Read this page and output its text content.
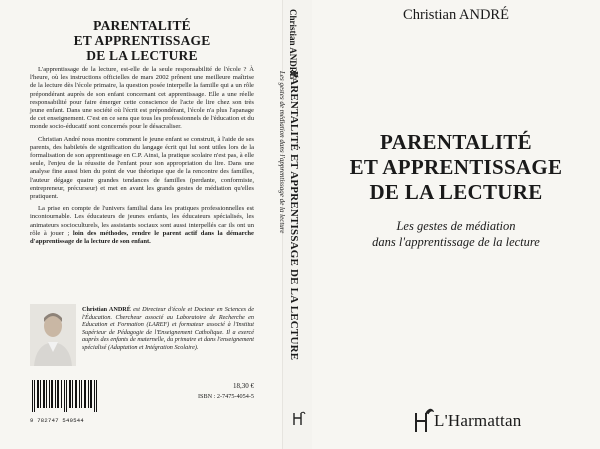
PARENTALITÉ
ET APPRENTISSAGE
DE LA LECTURE

L'apprentissage de la lecture, est-elle de la seule responsabilité de l'école ? À l'heure, où les instructions officielles de mars 2002 prônent une meilleure maîtrise de la lecture dès l'école primaire, la question posée interpelle la famille qui a un rôle prépondérant auprès de son enfant concernant cet apprentissage. Elle a une réelle responsabilité pour faire émerger cette conscience de l'acte de lire chez son très jeune enfant. Dans une société où l'écrit est prépondérant, l'école n'a plus l'apanage de cet enseignement. C'est en ce sens que tous les professionnels de l'éducation et du monde socio-éducatif sont concernés pour le désacraliser.

Christian André nous montre comment le jeune enfant se construit, à l'aide de ses parents, des habiletés de signification du langage écrit qui lui sont utiles lors de la formalisation de son apprentissage en C.P. Ainsi, la pratique scolaire n'est pas, à elle seule, l'enjeu de la réussite de l'enfant pour son appropriation du lire. Dans une analyse fine aussi bien du point de vue théorique que de la rencontre des familles, l'auteur dégage quatre grandes tendances de familles (perdante, conformiste, entrepreneur, précurseur) et met en avant les grands gestes de médiation qu'elles pratiquent.

La prise en compte de l'univers familial dans les pratiques professionnelles est incontournable. Les éducateurs de jeunes enfants, les éducateurs spécialisés, les animateurs socioculturels, les assistants sociaux sont aussi interpellés car ils ont un rôle à jouer ; loin des méthodes, rendre le parent actif dans la démarche d'apprentissage de la lecture de son enfant.

Christian ANDRÉ est Directeur d'école et Docteur en Sciences de l'Éducation. Chercheur associé au Laboratoire de Recherche en Education et Formation (LAREF) et formateur associé à l'Institut Supérieur de Pédagogie de l'Enseignement Catholique. Il a exercé auprès des enfants de maternelle, du primaire et dans l'enseignement spécialisé (Adaptation et Intégration Scolaire).
9 782747 540544
18,30 €
ISBN : 2-7475-4054-5
Christian ANDRÉ
PARENTALITÉ ET APPRENTISSAGE DE LA LECTURE
Les gestes de médiation dans l'apprentissage de la lecture
Christian ANDRÉ
PARENTALITÉ
ET APPRENTISSAGE
DE LA LECTURE
Les gestes de médiation
dans l'apprentissage de la lecture
L'Harmattan
